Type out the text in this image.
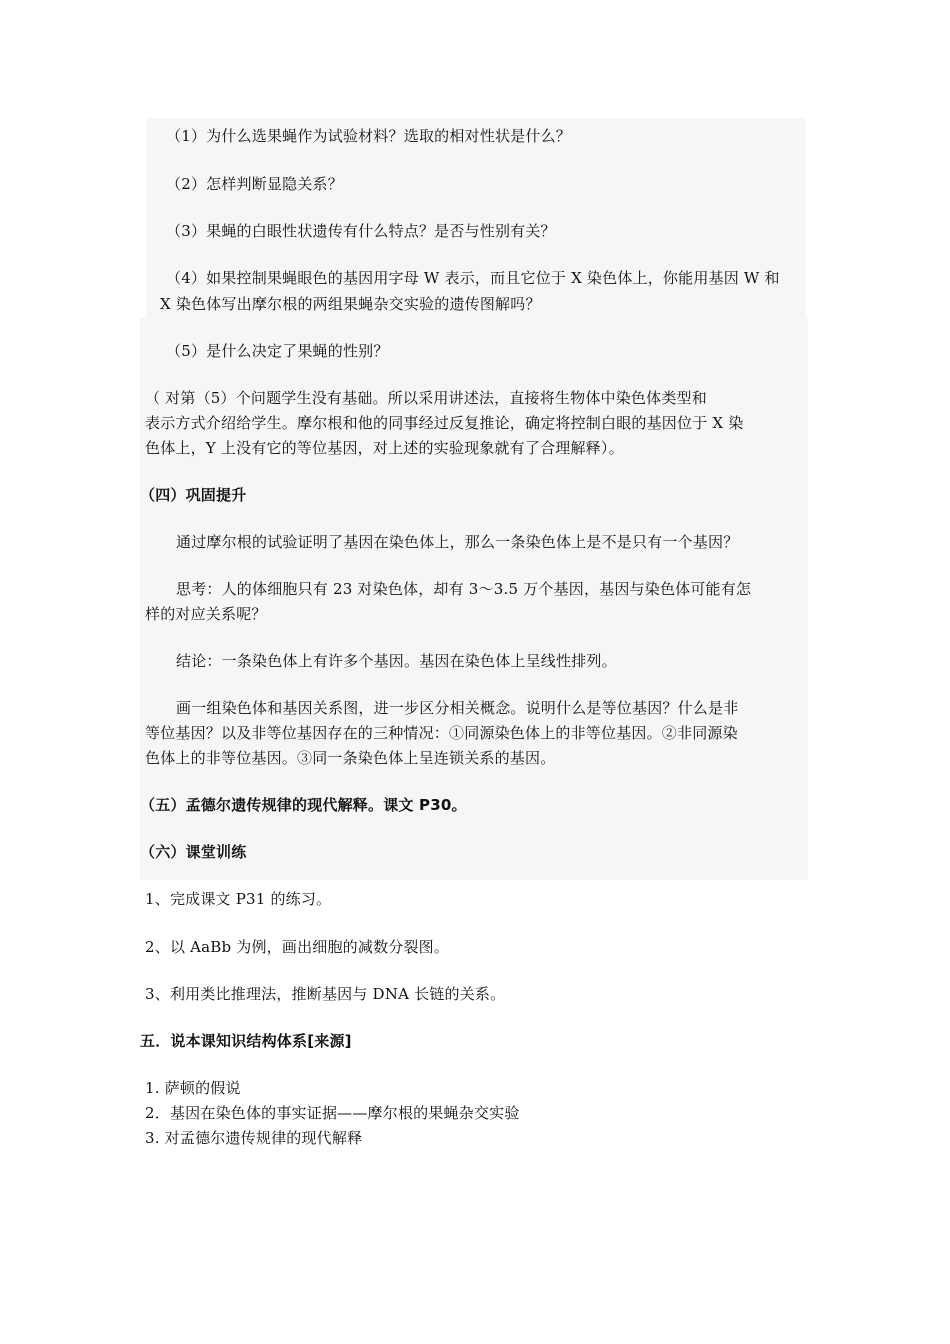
（1）为什么选果蝇作为试验材料？选取的相对性状是什么？
（2）怎样判断显隐关系？
（3）果蝇的白眼性状遗传有什么特点？是否与性别有关？
（4）如果控制果蝇眼色的基因用字母 W 表示，而且它位于 X 染色体上，你能用基因 W 和
X 染色体写出摩尔根的两组果蝇杂交实验的遗传图解吗？
（5）是什么决定了果蝇的性别？
（ 对第（5）个问题学生没有基础。所以采用讲述法，直接将生物体中染色体类型和
表示方式介绍给学生。摩尔根和他的同事经过反复推论，确定将控制白眼的基因位于 X 染
色体上，Y 上没有它的等位基因，对上述的实验现象就有了合理解释）。
（四）巩固提升
通过摩尔根的试验证明了基因在染色体上，那么一条染色体上是不是只有一个基因？
思考：人的体细胞只有 23 对染色体，却有 3～3.5 万个基因，基因与染色体可能有怎
样的对应关系呢？
结论：一条染色体上有许多个基因。基因在染色体上呈线性排列。
画一组染色体和基因关系图，进一步区分相关概念。说明什么是等位基因？什么是非
等位基因？以及非等位基因存在的三种情况：①同源染色体上的非等位基因。②非同源染
色体上的非等位基因。③同一条染色体上呈连锁关系的基因。
（五）孟德尔遗传规律的现代解释。课文 P30。
（六）课堂训练
1、完成课文 P31 的练习。
2、以 AaBb 为例，画出细胞的减数分裂图。
3、利用类比推理法，推断基因与 DNA 长链的关系。
五．说本课知识结构体系[来源]
1. 萨顿的假说
2．基因在染色体的事实证据——摩尔根的果蝇杂交实验
3. 对孟德尔遗传规律的现代解释
